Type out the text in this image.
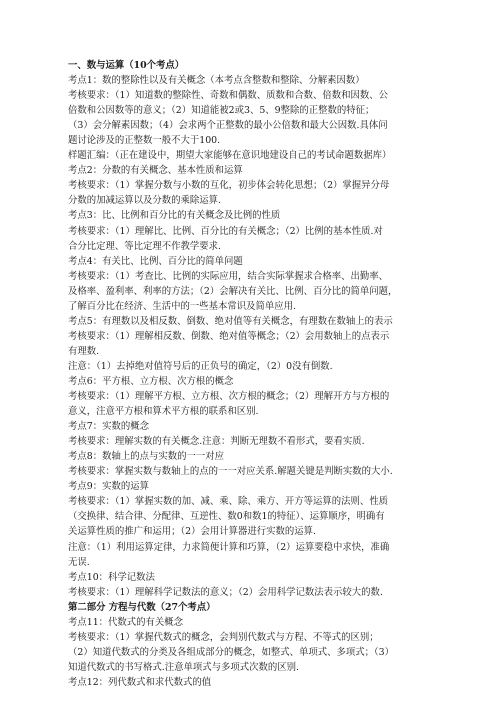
一、数与运算（10个考点）
考点1：数的整除性以及有关概念（本考点含整数和整除、分解素因数）
考核要求：（1）知道数的整除性、奇数和偶数、质数和合数、倍数和因数、公
倍数和公因数等的意义；（2）知道能被2或3、5、9整除的正整数的特征；
（3）会分解素因数；（4）会求两个正整数的最小公倍数和最大公因数.具体问
题讨论涉及的正整数一般不大于100.
样题汇编：（正在建设中，期望大家能够在意识地建设自己的考试命题数据库）
考点2：分数的有关概念、基本性质和运算
考核要求：（1）掌握分数与小数的互化，初步体会转化思想；（2）掌握异分母
分数的加减运算以及分数的乘除运算.
考点3：比、比例和百分比的有关概念及比例的性质
考核要求：（1）理解比、比例、百分比的有关概念；（2）比例的基本性质.对
合分比定理、等比定理不作教学要求.
考点4：有关比、比例、百分比的简单问题
考核要求：（1）考查比、比例的实际应用，结合实际掌握求合格率、出勤率、
及格率、盈利率、利率的方法；（2）会解决有关比、比例、百分比的简单问题，
了解百分比在经济、生活中的一些基本常识及简单应用.
考点5：有理数以及相反数、倒数、绝对值等有关概念，有理数在数轴上的表示
考核要求：（1）理解相反数、倒数、绝对值等概念；（2）会用数轴上的点表示
有理数.
注意：（1）去掉绝对值符号后的正负号的确定，（2）0没有倒数.
考点6：平方根、立方根、次方根的概念
考核要求：（1）理解平方根、立方根、次方根的概念；（2）理解开方与方根的
意义，注意平方根和算术平方根的联系和区别.
考点7：实数的概念
考核要求：理解实数的有关概念.注意：判断无理数不看形式，要看实质.
考点8：数轴上的点与实数的一一对应
考核要求：掌握实数与数轴上的点的一一对应关系.解题关键是判断实数的大小.
考点9：实数的运算
考核要求：（1）掌握实数的加、减、乘、除、乘方、开方等运算的法则、性质
（交换律、结合律、分配律、互逆性、数0和数1的特征）、运算顺序，明确有
关运算性质的推广和运用；（2）会用计算器进行实数的运算.
注意：（1）利用运算定律，力求简便计算和巧算，（2）运算要稳中求快，准确
无误.
考点10：科学记数法
考核要求：（1）理解科学记数法的意义；（2）会用科学记数法表示较大的数.
第二部分 方程与代数（27个考点）
考点11：代数式的有关概念
考核要求：（1）掌握代数式的概念，会判别代数式与方程、不等式的区别；
（2）知道代数式的分类及各组成部分的概念，如整式、单项式、多项式；（3）
知道代数式的书写格式.注意单项式与多项式次数的区别.
考点12：列代数式和求代数式的值
